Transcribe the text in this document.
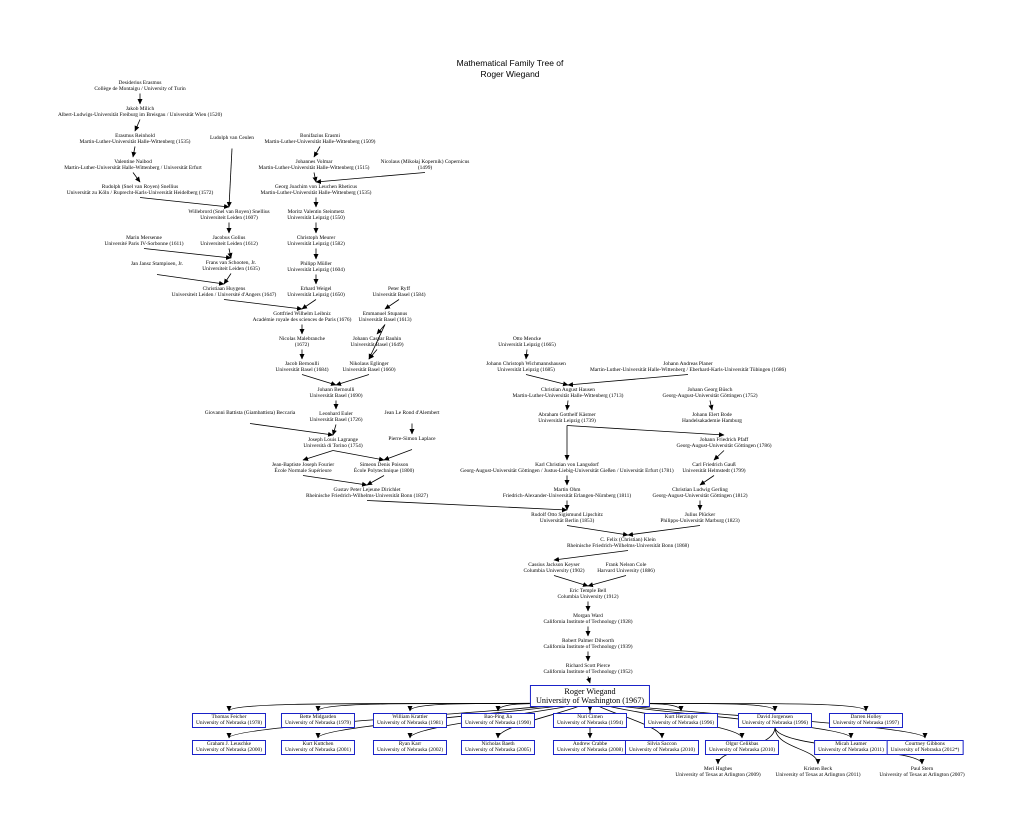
Mathematical Family Tree of
Roger Wiegand
Desiderius Erasmus
Collège de Montaigu / University of Turin
Jakob Milich
Albert-Ludwigs-Universität Freiburg im Breisgau / Universität Wien (1520)
Erasmus Reinhold
Martin-Luther-Universität Halle-Wittenberg (1535)
Ludolph van Ceulen	Bonifazius Erasmi
Martin-Luther-Universität Halle-Wittenberg (1509)
Valentine Naibod
Martin-Luther-Universität Halle-Wittenberg / Universität Erfurt
Johannes Volmar
Martin-Luther-Universität Halle-Wittenberg (1515)
Nicolaus (Mikołaj Kopernik) Copernicus
(1499)
Rudolph (Snel van Royen) Snellius
Universität zu Köln / Ruprecht-Karls-Universität Heidelberg (1572)
Georg Joachim von Leuchen Rheticus
Martin-Luther-Universität Halle-Wittenberg (1535)
Willebrord (Snel van Royen) Snellius
Universiteit Leiden (1607)
Moritz Valentin Steinmetz
Universität Leipzig (1550)
Marin Mersenne
Université Paris IV-Sorbonne (1611)
Jacobus Golius
Universiteit Leiden (1612)
Christoph Meurer
Universität Leipzig (1582)
Frans van Schooten, Jr.
Universiteit Leiden (1635)
Jan Jansz Stampioen, Jr.	Philipp Müller
Universität Leipzig (1604)
Christiaan Huygens
Universiteit Leiden / Université d'Angers (1647)
Erhard Weigel
Universität Leipzig (1650)
Peter Ryff
Universität Basel (1584)
Gottfried Wilhelm Leibniz
Académie royale des sciences de Paris (1676)
Emmanuel Stupanus
Universität Basel (1613)
Nicolas Malebranche
(1672)
Johann Caspar Bauhin
Universität Basel (1649)
Otto Mencke
Universität Leipzig (1665)
Jacob Bernoulli
Universität Basel (1684)
Nikolaus Eglinger
Universität Basel (1660)
Johann Christoph Wichmannshausen
Universität Leipzig (1685)
Johann Andreas Planer
Martin-Luther-Universität Halle-Wittenberg / Eberhard-Karls-Universität Tübingen (1686)
Johann Bernoulli
Universität Basel (1690)
Christian August Hausen
Martin-Luther-Universität Halle-Wittenberg (1713)
Johann Georg Büsch
Georg-August-Universität Göttingen (1752)
Giovanni Battista (Giambattista) Beccaria	Leonhard Euler
Universität Basel (1726)
Jean Le Rond d'Alembert	Abraham Gotthelf Kästner
Universität Leipzig (1739)
Johann Elert Bode
Handelsakademie Hamburg
Joseph Louis Lagrange
Università di Torino (1754)
Pierre-Simon Laplace	Johann Friedrich Pfaff
Georg-August-Universität Göttingen (1786)
Jean-Baptiste Joseph Fourier
École Normale Supérieure
Simeon Denis Poisson
École Polytechnique (1800)
Karl Christian von Langsdorf
Georg-August-Universität Göttingen / Justus-Liebig-Universität Gießen / Universität Erfurt (1781)
Carl Friedrich Gauß
Universität Helmstedt (1799)
Gustav Peter Lejeune Dirichlet
Rheinische Friedrich-Wilhelms-Universität Bonn (1827)
Martin Ohm
Friedrich-Alexander-Universität Erlangen-Nürnberg (1811)
Christian Ludwig Gerling
Georg-August-Universität Göttingen (1812)
Rudolf Otto Sigismund Lipschitz
Universität Berlin (1853)
Julius Plücker
Philipps-Universität Marburg (1823)
C. Felix (Christian) Klein
Rheinische Friedrich-Wilhelms-Universität Bonn (1868)
Cassius Jackson Keyser
Columbia University (1902)
Frank Nelson Cole
Harvard University (1886)
Eric Temple Bell
Columbia University (1912)
Morgan Ward
California Institute of Technology (1928)
Robert Palmer Dilworth
California Institute of Technology (1939)
Richard Scott Pierce
California Institute of Technology (1952)
Roger Wiegand
University of Washington (1967)
Thomas Feicher
University of Nebraska (1978)
Bette Midgarden
University of Nebraska (1979)
William Krattler
University of Nebraska (1981)
Bao-Ping Jia
University of Nebraska (1990)
Nuri Cimen
University of Nebraska (1994)
Kurt Herzinger
University of Nebraska (1996)
David Jorgensen
University of Nebraska (1996)
Darren Holley
University of Nebraska (1997)
Graham J. Leuschke
University of Nebraska (2000)
Kurt Kuttchen
University of Nebraska (2001)
Ryan Karr
University of Nebraska (2002)
Nicholas Baeth
University of Nebraska (2005)
Andrew Crabbe
University of Nebraska (2008)
Silvia Saccon
University of Nebraska (2010)
Olgur Celikbas
University of Nebraska (2010)
Micah Leamer
University of Nebraska (2011)
Courtney Gibbons
University of Nebraska (2012*)
Meri Hughes
University of Texas at Arlington (2009)
Kristen Beck
University of Texas at Arlington (2011)
Paul Stern
University of Texas at Arlington (2007)
